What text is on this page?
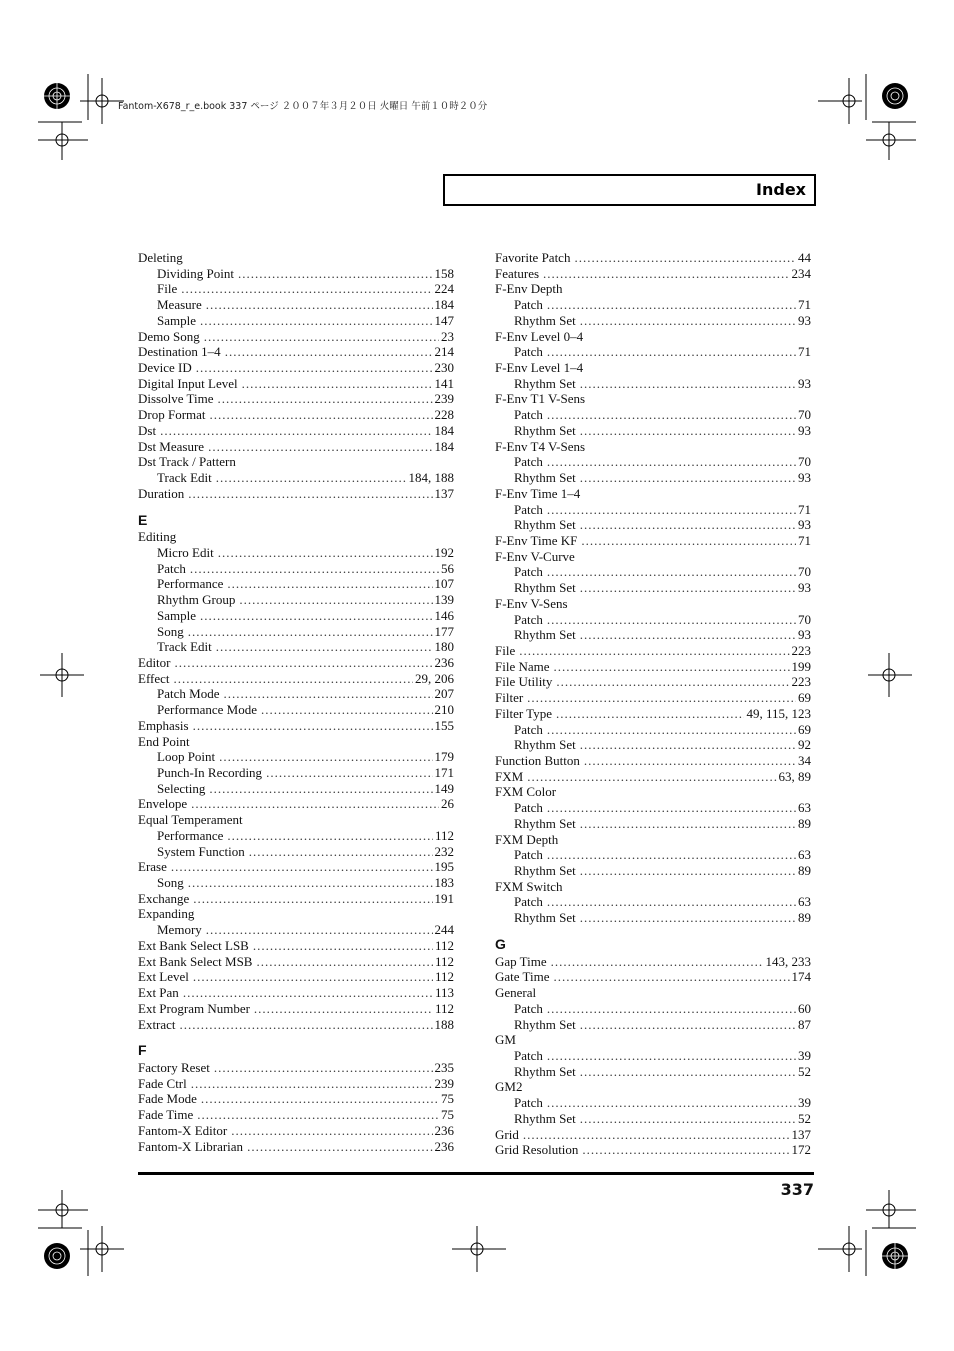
Fantom-X678_r_e.book 337 ページ ２００７年３月２０日 火曜日 午前１０時２０分
Index
Deleting
Dividing Point .....	158
File .....	224
Measure .....	184
Sample .....	147
Demo Song .....	23
Destination 1–4 .....	214
Device ID .....	230
Digital Input Level .....	141
Dissolve Time .....	239
Drop Format .....	228
Dst .....	184
Dst Measure .....	184
Dst Track / Pattern
Track Edit .....	184, 188
Duration .....	137
E
Editing
Micro Edit .....	192
Patch .....	56
Performance .....	107
Rhythm Group .....	139
Sample .....	146
Song .....	177
Track Edit .....	180
Editor .....	236
Effect .....	29, 206
Patch Mode .....	207
Performance Mode .....	210
Emphasis .....	155
End Point
Loop Point .....	179
Punch-In Recording .....	171
Selecting .....	149
Envelope .....	26
Equal Temperament
Performance .....	112
System Function .....	232
Erase .....	195
Song .....	183
Exchange .....	191
Expanding
Memory .....	244
Ext Bank Select LSB .....	112
Ext Bank Select MSB .....	112
Ext Level .....	112
Ext Pan .....	113
Ext Program Number .....	112
Extract .....	188
F
Factory Reset .....	235
Fade Ctrl .....	239
Fade Mode .....	75
Fade Time .....	75
Fantom-X Editor .....	236
Fantom-X Librarian .....	236
Favorite Patch .....	44
Features .....	234
F-Env Depth
Patch .....	71
Rhythm Set .....	93
F-Env Level 0–4
Patch .....	71
F-Env Level 1–4
Rhythm Set .....	93
F-Env T1 V-Sens
Patch .....	70
Rhythm Set .....	93
F-Env T4 V-Sens
Patch .....	70
Rhythm Set .....	93
F-Env Time 1–4
Patch .....	71
Rhythm Set .....	93
F-Env Time KF .....	71
F-Env V-Curve
Patch .....	70
Rhythm Set .....	93
F-Env V-Sens
Patch .....	70
Rhythm Set .....	93
File .....	223
File Name .....	199
File Utility .....	223
Filter .....	69
Filter Type .....	49, 115, 123
Patch .....	69
Rhythm Set .....	92
Function Button .....	34
FXM .....	63, 89
FXM Color
Patch .....	63
Rhythm Set .....	89
FXM Depth
Patch .....	63
Rhythm Set .....	89
FXM Switch
Patch .....	63
Rhythm Set .....	89
G
Gap Time .....	143, 233
Gate Time .....	174
General
Patch .....	60
Rhythm Set .....	87
GM
Patch .....	39
Rhythm Set .....	52
GM2
Patch .....	39
Rhythm Set .....	52
Grid .....	137
Grid Resolution .....	172
337
